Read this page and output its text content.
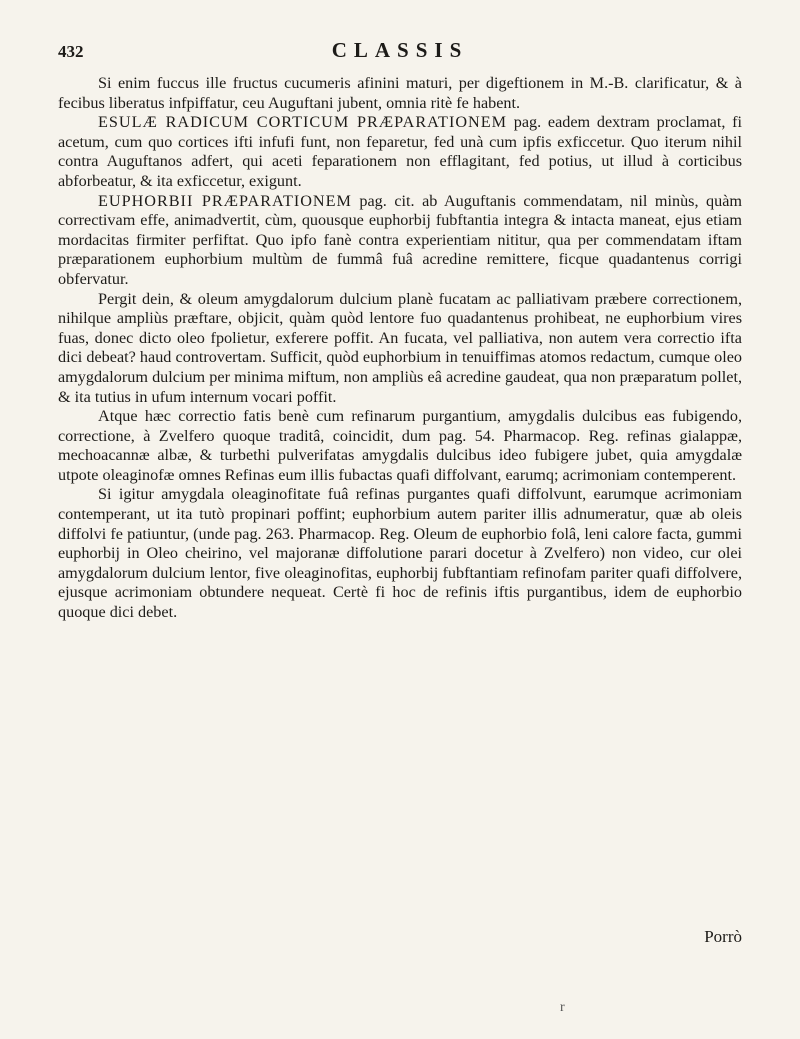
432	CLASSIS

Si enim fuccus ille fructus cucumeris afinini maturi, per digeftionem in M.-B. clarificatur, & à fecibus liberatus infpiffatur, ceu Auguftani jubent, omnia ritè fe habent.

ESULÆ RADICUM CORTICUM PRÆPARATIONEM pag. eadem dextram proclamat, fi acetum, cum quo cortices ifti infufi funt, non feparetur, fed unà cum ipfis exficcetur. Quo iterum nihil contra Auguftanos adfert, qui aceti feparationem non efflagitant, fed potius, ut illud à corticibus abforbeatur, & ita exficcetur, exigunt.

EUPHORBII PRÆPARATIONEM pag. cit. ab Auguftanis commendatam, nil minùs, quàm correctivam effe, animadvertit, cùm, quousque euphorbij fubftantia integra & intacta maneat, ejus etiam mordacitas firmiter perfiftat. Quo ipfo fanè contra experientiam nititur, qua per commendatam iftam præparationem euphorbium multùm de fummâ fuâ acredine remittere, ficque quadantenus corrigi obfervatur.

Pergit dein, & oleum amygdalorum dulcium planè fucatam ac palliativam præbere correctionem, nihilque ampliùs præftare, objicit, quàm quòd lentore fuo quadantenus prohibeat, ne euphorbium vires fuas, donec dicto oleo fpolietur, exferere poffit. An fucata, vel palliativa, non autem vera correctio ifta dici debeat? haud controvertam. Sufficit, quòd euphorbium in tenuiffimas atomos redactum, cumque oleo amygdalorum dulcium per minima miftum, non ampliùs eâ acredine gaudeat, qua non præparatum pollet, & ita tutius in ufum internum vocari poffit.

Atque hæc correctio fatis benè cum refinarum purgantium, amygdalis dulcibus eas fubigendo, correctione, à Zvelfero quoque traditâ, coincidit, dum pag. 54. Pharmacop. Reg. refinas gialappæ, mechoacannæ albæ, & turbethi pulverifatas amygdalis dulcibus ideo fubigere jubet, quia amygdalæ utpote oleaginofæ omnes Refinas eum illis fubactas quafi diffolvant, earumq; acrimoniam contemperent.

Si igitur amygdala oleaginofitate fuâ refinas purgantes quafi diffolvunt, earumque acrimoniam contemperant, ut ita tutò propinari poffint; euphorbium autem pariter illis adnumeratur, quæ ab oleis diffolvi fe patiuntur, (unde pag. 263. Pharmacop. Reg. Oleum de euphorbio folâ, leni calore facta, gummi euphorbij in Oleo cheirino, vel majoranæ diffolutione parari docetur à Zvelfero) non video, cur olei amygdalorum dulcium lentor, five oleaginofitas, euphorbij fubftantiam refinofam pariter quafi diffolvere, ejusque acrimoniam obtundere nequeat. Certè fi hoc de refinis iftis purgantibus, idem de euphorbio quoque dici debet.

Porrò
r
